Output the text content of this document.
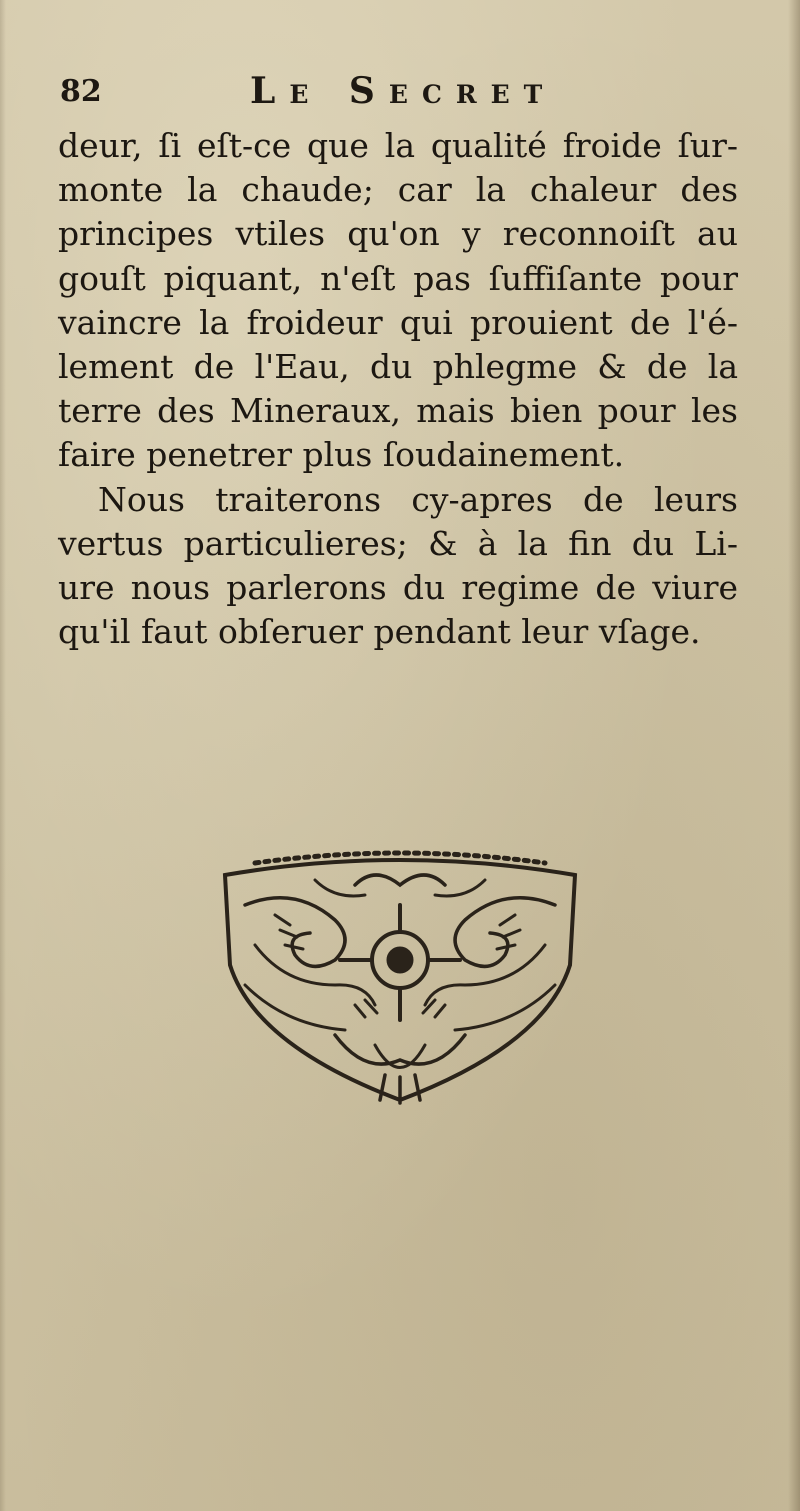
82	Le Secret
deur, ſi eſt-ce que la qualité froide ſur-
monte la chaude; car la chaleur des
principes vtiles qu'on y reconnoiſt au
gouſt piquant, n'eſt pas ſuffiſante pour
vaincre la froideur qui prouient de l'é-
lement de l'Eau, du phlegme & de la
terre des Mineraux, mais bien pour les
faire penetrer plus ſoudainement.
Nous traiterons cy-apres de leurs
vertus particulieres; & à la fin du Li-
ure nous parlerons du regime de viure
qu'il faut obſeruer pendant leur vſage.
